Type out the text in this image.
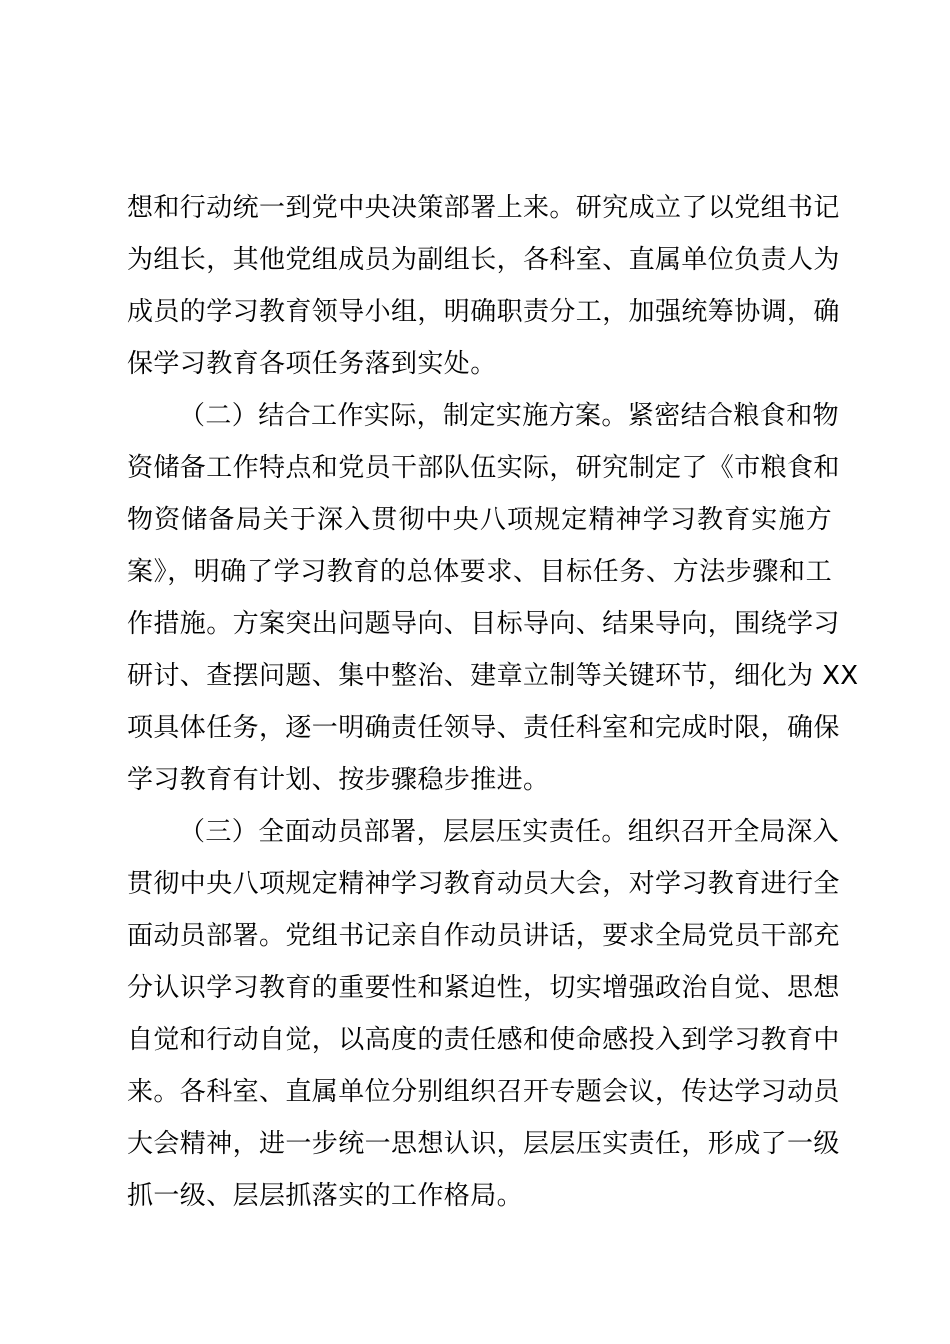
想和行动统一到党中央决策部署上来。研究成立了以党组书记
为组长，其他党组成员为副组长，各科室、直属单位负责人为
成员的学习教育领导小组，明确职责分工，加强统筹协调，确
保学习教育各项任务落到实处。
（二）结合工作实际，制定实施方案。紧密结合粮食和物
资储备工作特点和党员干部队伍实际，研究制定了《市粮食和
物资储备局关于深入贯彻中央八项规定精神学习教育实施方
案》，明确了学习教育的总体要求、目标任务、方法步骤和工
作措施。方案突出问题导向、目标导向、结果导向，围绕学习
研讨、查摆问题、集中整治、建章立制等关键环节，细化为 XX
项具体任务，逐一明确责任领导、责任科室和完成时限，确保
学习教育有计划、按步骤稳步推进。
（三）全面动员部署，层层压实责任。组织召开全局深入
贯彻中央八项规定精神学习教育动员大会，对学习教育进行全
面动员部署。党组书记亲自作动员讲话，要求全局党员干部充
分认识学习教育的重要性和紧迫性，切实增强政治自觉、思想
自觉和行动自觉，以高度的责任感和使命感投入到学习教育中
来。各科室、直属单位分别组织召开专题会议，传达学习动员
大会精神，进一步统一思想认识，层层压实责任，形成了一级
抓一级、层层抓落实的工作格局。
